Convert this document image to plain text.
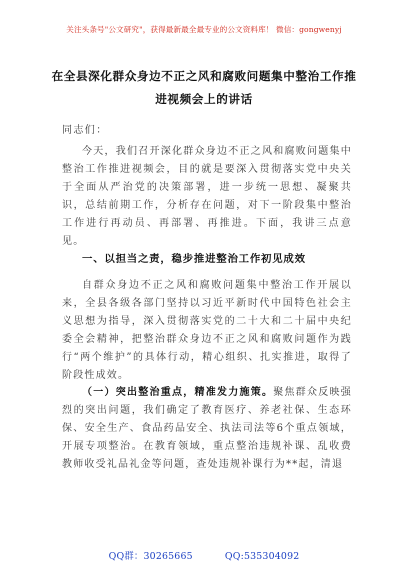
关注头条号"公文研究"，获得最新最全最专业的公文资料库！ 微信：gongwenyj
在全县深化群众身边不正之风和腐败问题集中整治工作推
进视频会上的讲话
同志们：
今天，我们召开深化群众身边不正之风和腐败问题集中整治工作推进视频会，目的就是要深入贯彻落实党中央关于全面从严治党的决策部署，进一步统一思想、凝聚共识，总结前期工作，分析存在问题，对下一阶段集中整治工作进行再动员、再部署、再推进。下面，我讲三点意见。
一、以担当之责，稳步推进整治工作初见成效
自群众身边不正之风和腐败问题集中整治工作开展以来，全县各级各部门坚持以习近平新时代中国特色社会主义思想为指导，深入贯彻落实党的二十大和二十届中央纪委全会精神，把整治群众身边不正之风和腐败问题作为践行“两个维护”的具体行动，精心组织、扎实推进，取得了阶段性成效。
（一）突出整治重点，精准发力施策。聚焦群众反映强烈的突出问题，我们确定了教育医疗、养老社保、生态环保、安全生产、食品药品安全、执法司法等6个重点领域，开展专项整治。在教育领域，重点整治违规补课、乱收费教师收受礼品礼金等问题，查处违规补课行为**起，清退
QQ群：30265665	QQ:535304092
